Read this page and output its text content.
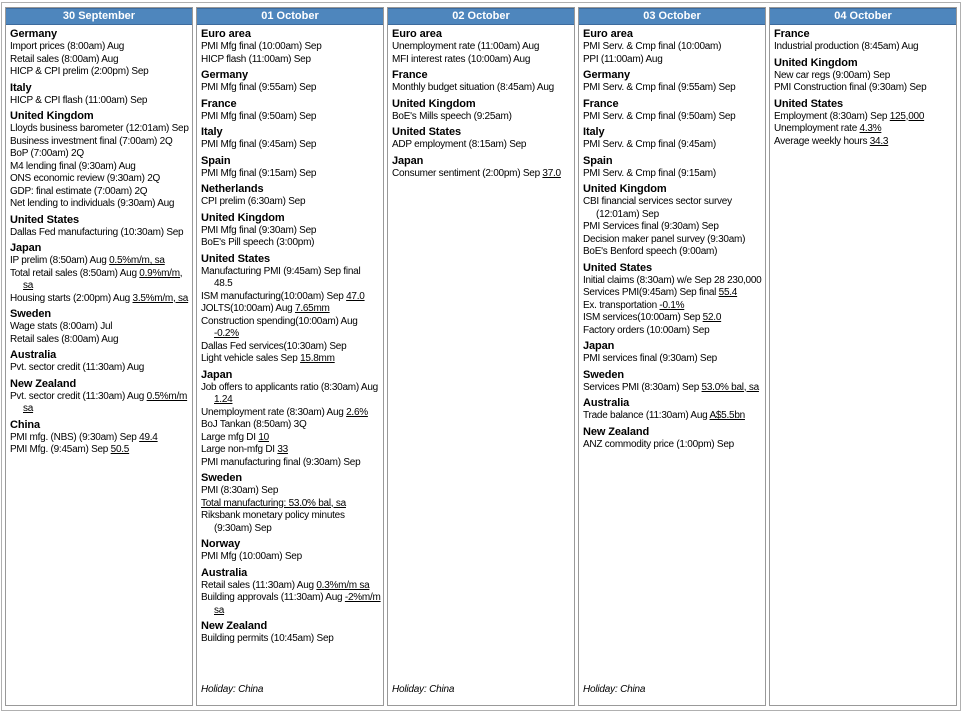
30 September
Germany
Import prices (8:00am) Aug
Retail sales (8:00am) Aug
HICP & CPI prelim (2:00pm) Sep
Italy
HICP & CPI flash (11:00am) Sep
United Kingdom
Lloyds business barometer (12:01am) Sep
Business investment final (7:00am) 2Q
BoP (7:00am) 2Q
M4 lending final (9:30am) Aug
ONS economic review (9:30am) 2Q
GDP: final estimate (7:00am) 2Q
Net lending to individuals (9:30am) Aug
United States
Dallas Fed manufacturing (10:30am) Sep
Japan
IP prelim (8:50am) Aug 0.5%m/m, sa
Total retail sales (8:50am) Aug 0.9%m/m, sa
Housing starts (2:00pm) Aug 3.5%m/m, sa
Sweden
Wage stats (8:00am) Jul
Retail sales (8:00am) Aug
Australia
Pvt. sector credit (11:30am) Aug
New Zealand
Pvt. sector credit (11:30am) Aug 0.5%m/m sa
China
PMI mfg. (NBS) (9:30am) Sep 49.4
PMI Mfg. (9:45am) Sep 50.5
01 October
Euro area
PMI Mfg final (10:00am) Sep
HICP flash (11:00am) Sep
Germany
PMI Mfg final (9:55am) Sep
France
PMI Mfg final (9:50am) Sep
Italy
PMI Mfg final (9:45am) Sep
Spain
PMI Mfg final (9:15am) Sep
Netherlands
CPI prelim (6:30am) Sep
United Kingdom
PMI Mfg final (9:30am) Sep
BoE's Pill speech (3:00pm)
United States
Manufacturing PMI (9:45am) Sep final 48.5
ISM manufacturing(10:00am) Sep 47.0
JOLTS(10:00am) Aug 7.65mm
Construction spending(10:00am) Aug -0.2%
Dallas Fed services(10:30am) Sep
Light vehicle sales Sep 15.8mm
Japan
Job offers to applicants ratio (8:30am) Aug 1.24
Unemployment rate (8:30am) Aug 2.6%
BoJ Tankan (8:50am) 3Q
Large mfg DI 10
Large non-mfg DI 33
PMI manufacturing final (9:30am) Sep
Sweden
PMI (8:30am) Sep
Total manufacturing: 53.0% bal, sa
Riksbank monetary policy minutes (9:30am) Sep
Norway
PMI Mfg (10:00am) Sep
Australia
Retail sales (11:30am) Aug 0.3%m/m sa
Building approvals (11:30am) Aug -2%m/m sa
New Zealand
Building permits (10:45am) Sep
Holiday: China
02 October
Euro area
Unemployment rate (11:00am) Aug
MFI interest rates (10:00am) Aug
France
Monthly budget situation (8:45am) Aug
United Kingdom
BoE's Mills speech (9:25am)
United States
ADP employment (8:15am) Sep
Japan
Consumer sentiment (2:00pm) Sep 37.0
Holiday: China
03 October
Euro area
PMI Serv. & Cmp final (10:00am)
PPI (11:00am) Aug
Germany
PMI Serv. & Cmp final (9:55am) Sep
France
PMI Serv. & Cmp final (9:50am) Sep
Italy
PMI Serv. & Cmp final (9:45am)
Spain
PMI Serv. & Cmp final (9:15am)
United Kingdom
CBI financial services sector survey (12:01am) Sep
PMI Services final (9:30am) Sep
Decision maker panel survey (9:30am)
BoE's Benford speech (9:00am)
United States
Initial claims (8:30am) w/e Sep 28 230,000
Services PMI(9:45am) Sep final 55.4
Ex. transportation -0.1%
ISM services(10:00am) Sep 52.0
Factory orders (10:00am) Sep
Japan
PMI services final (9:30am) Sep
Sweden
Services PMI (8:30am) Sep 53.0% bal, sa
Australia
Trade balance (11:30am) Aug A$5.5bn
New Zealand
ANZ commodity price (1:00pm) Sep
Holiday: China
04 October
France
Industrial production (8:45am) Aug
United Kingdom
New car regs (9:00am) Sep
PMI Construction final (9:30am) Sep
United States
Employment (8:30am) Sep 125,000
Unemployment rate 4.3%
Average weekly hours 34.3
